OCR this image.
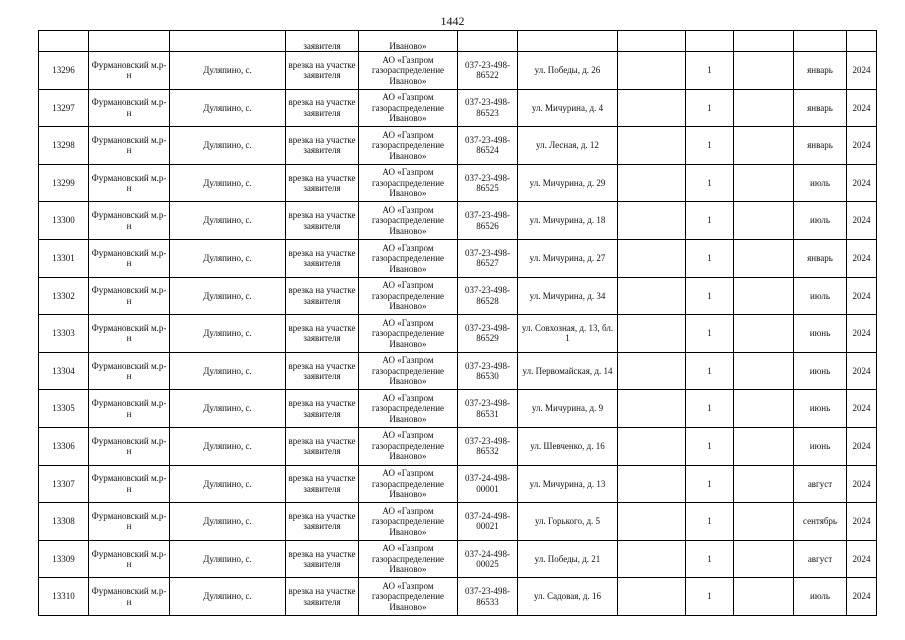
1442
			заявителя	Иваново»							
13296	Фурмановский м.р-н	Дуляпино, с.	врезка на участке заявителя	АО «Газпром газораспределение Иваново»	037-23-498-86522	ул. Победы, д. 26		1		январь	2024
13297	Фурмановский м.р-н	Дуляпино, с.	врезка на участке заявителя	АО «Газпром газораспределение Иваново»	037-23-498-86523	ул. Мичурина, д. 4		1		январь	2024
13298	Фурмановский м.р-н	Дуляпино, с.	врезка на участке заявителя	АО «Газпром газораспределение Иваново»	037-23-498-86524	ул. Лесная, д. 12		1		январь	2024
13299	Фурмановский м.р-н	Дуляпино, с.	врезка на участке заявителя	АО «Газпром газораспределение Иваново»	037-23-498-86525	ул. Мичурина, д. 29		1		июль	2024
13300	Фурмановский м.р-н	Дуляпино, с.	врезка на участке заявителя	АО «Газпром газораспределение Иваново»	037-23-498-86526	ул. Мичурина, д. 18		1		июль	2024
13301	Фурмановский м.р-н	Дуляпино, с.	врезка на участке заявителя	АО «Газпром газораспределение Иваново»	037-23-498-86527	ул. Мичурина, д. 27		1		январь	2024
13302	Фурмановский м.р-н	Дуляпино, с.	врезка на участке заявителя	АО «Газпром газораспределение Иваново»	037-23-498-86528	ул. Мичурина, д. 34		1		июль	2024
13303	Фурмановский м.р-н	Дуляпино, с.	врезка на участке заявителя	АО «Газпром газораспределение Иваново»	037-23-498-86529	ул. Совхозная, д. 13, бл. 1		1		июнь	2024
13304	Фурмановский м.р-н	Дуляпино, с.	врезка на участке заявителя	АО «Газпром газораспределение Иваново»	037-23-498-86530	ул. Первомайская, д. 14		1		июнь	2024
13305	Фурмановский м.р-н	Дуляпино, с.	врезка на участке заявителя	АО «Газпром газораспределение Иваново»	037-23-498-86531	ул. Мичурина, д. 9		1		июнь	2024
13306	Фурмановский м.р-н	Дуляпино, с.	врезка на участке заявителя	АО «Газпром газораспределение Иваново»	037-23-498-86532	ул. Шевченко, д. 16		1		июнь	2024
13307	Фурмановский м.р-н	Дуляпино, с.	врезка на участке заявителя	АО «Газпром газораспределение Иваново»	037-24-498-00001	ул. Мичурина, д. 13		1		август	2024
13308	Фурмановский м.р-н	Дуляпино, с.	врезка на участке заявителя	АО «Газпром газораспределение Иваново»	037-24-498-00021	ул. Горького, д. 5		1		сентябрь	2024
13309	Фурмановский м.р-н	Дуляпино, с.	врезка на участке заявителя	АО «Газпром газораспределение Иваново»	037-24-498-00025	ул. Победы, д. 21		1		август	2024
13310	Фурмановский м.р-н	Дуляпино, с.	врезка на участке заявителя	АО «Газпром газораспределение Иваново»	037-23-498-86533	ул. Садовая, д. 16		1		июль	2024
